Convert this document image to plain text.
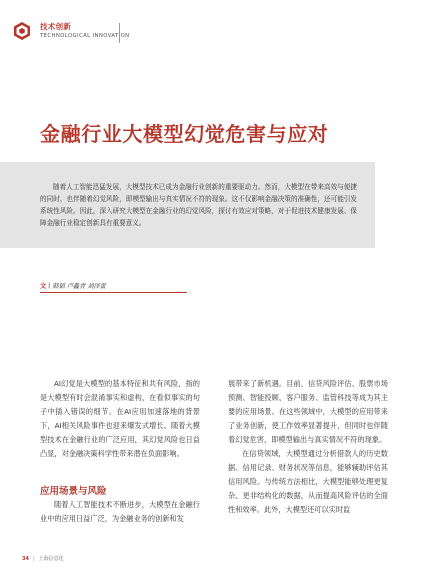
技术创新
TECHNOLOGICAL INNOVATION
金融行业大模型幻觉危害与应对
随着人工智能迅猛发展，大模型技术已成为金融行业创新的重要驱动力。然而，大模型在带来高效与便捷的同时，也伴随着幻觉风险，即模型输出与真实情况不符的现象。这不仅影响金融决策的准确性，还可能引发系统性风险。因此，深入研究大模型在金融行业的幻觉风险，探讨有效应对策略，对于促进技术健康发展、保障金融行业稳定创新具有重要意义。
文丨韩韬 卢鑫青 刘泽雷

AI幻觉是大模型的基本特征和共有风险，指的是大模型有时会混淆事实和虚构，在看似事实的句子中插入错误的细节。在AI应用加速落地的背景下，AI相关风险事件也迎来爆发式增长。随着大模型技术在金融行业的广泛应用，其幻觉风险也日益凸显，对金融决策科学性带来潜在负面影响。

应用场景与风险

随着人工智能技术不断进步，大模型在金融行业中的应用日益广泛，为金融业务的创新和发

展带来了新机遇。目前，信贷风险评估、股票市场预测、智能投顾、客户服务、监管科技等成为其主要的应用场景。在这些领域中，大模型的应用带来了业务创新，使工作效率显著提升，但同时也伴随着幻觉危害，即模型输出与真实情况不符的现象。

在信贷领域，大模型通过分析借款人的历史数据、信用记录、财务状况等信息，能够辅助评估其信用风险。与传统方法相比，大模型能够处理更复杂、更非结构化的数据，从而提高风险评估的全面性和效率。此外，大模型还可以实时监

34 | 上海信息化
